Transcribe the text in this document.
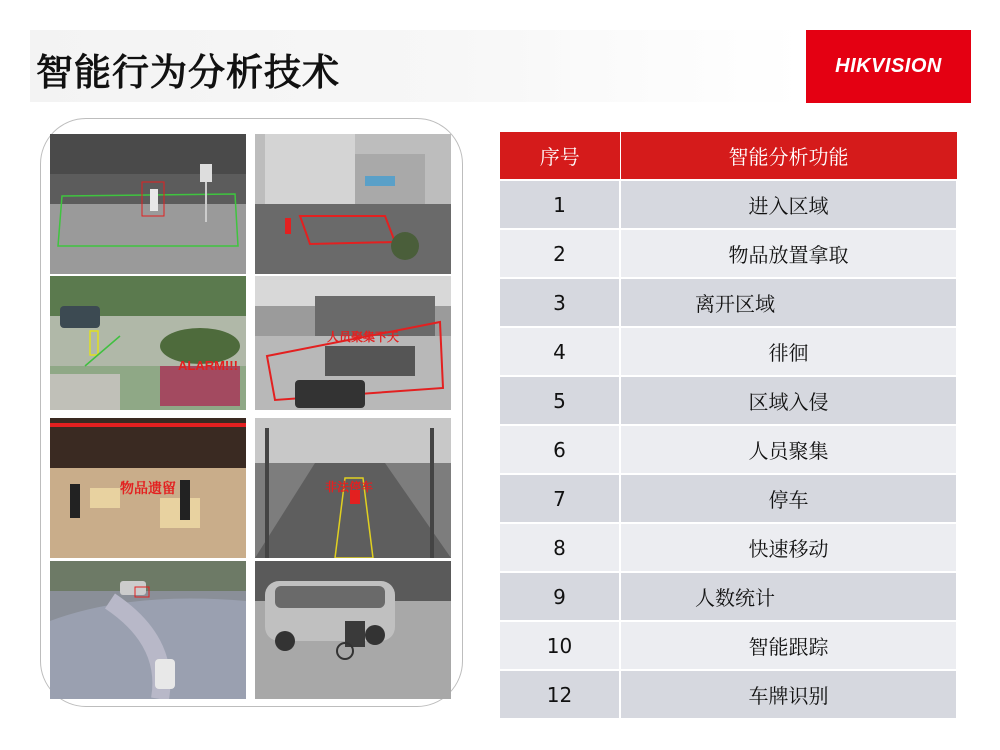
智能行为分析技术	HIKVISION
ALARM!!!
人员聚集下天
物品遗留	非法停车
序号	智能分析功能
1	进入区域
2	物品放置拿取
3	离开区域
4	徘徊
5	区域入侵
6	人员聚集
7	停车
8	快速移动
9	人数统计
10	智能跟踪
12	车牌识别
